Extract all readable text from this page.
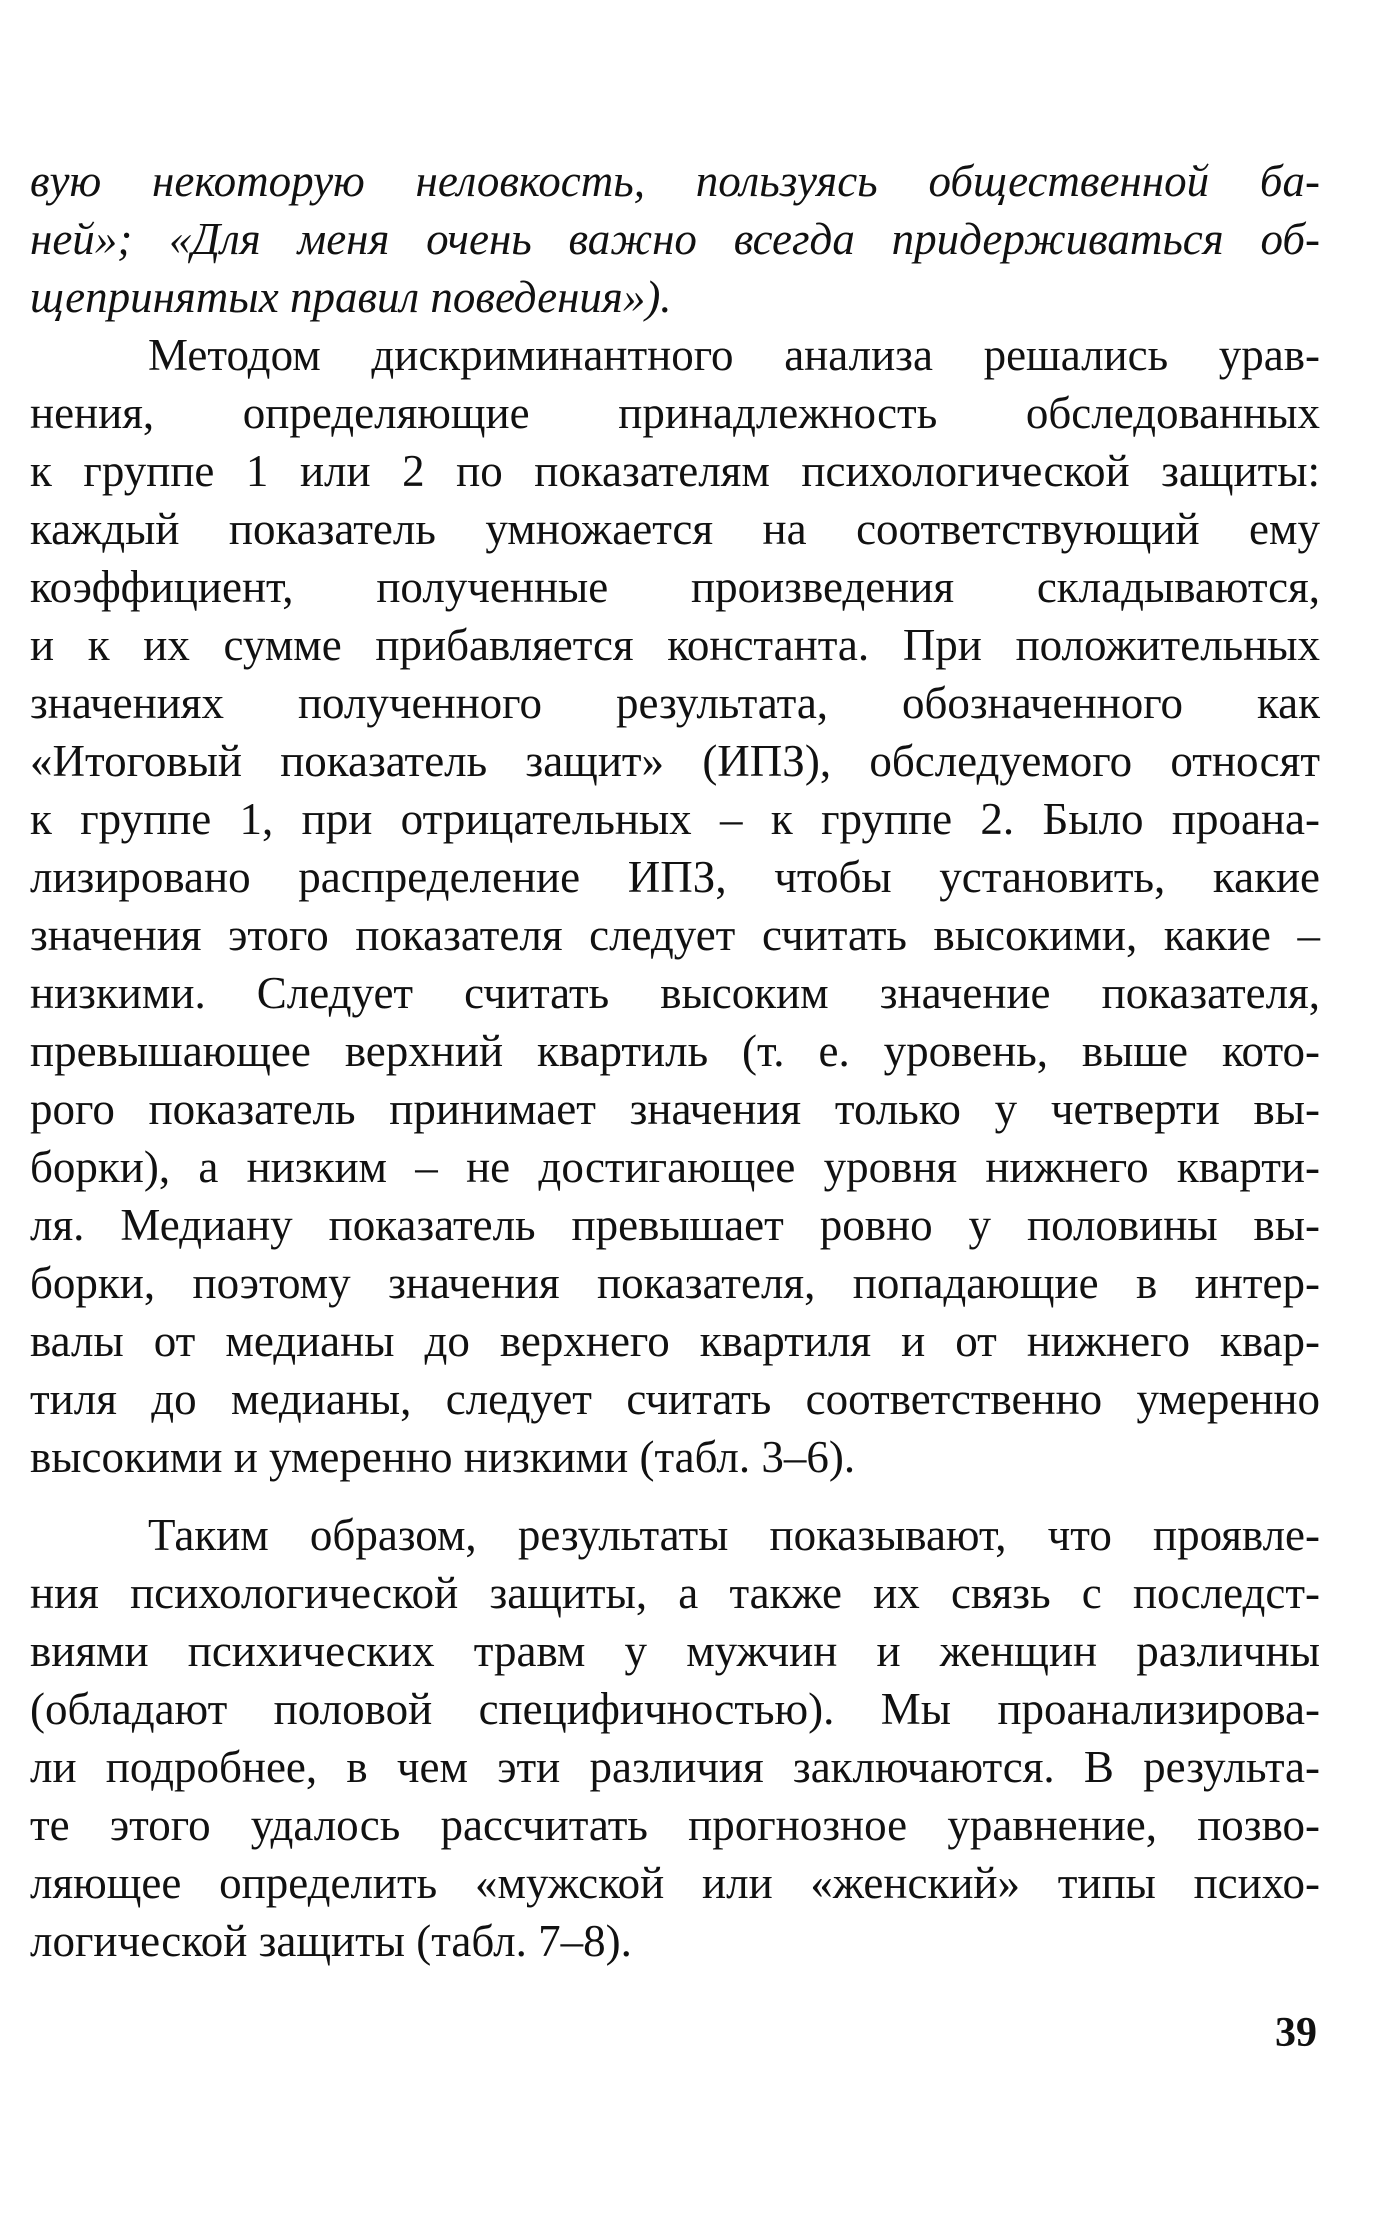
вую некоторую неловкость, пользуясь общественной ба-
ней»; «Для меня очень важно всегда придерживаться об-
щепринятых правил поведения»).
Методом дискриминантного анализа решались урав-
нения, определяющие принадлежность обследованных
к группе 1 или 2 по показателям психологической защиты:
каждый показатель умножается на соответствующий ему
коэффициент, полученные произведения складываются,
и к их сумме прибавляется константа. При положительных
значениях полученного результата, обозначенного как
«Итоговый показатель защит» (ИПЗ), обследуемого относят
к группе 1, при отрицательных – к группе 2. Было проана-
лизировано распределение ИПЗ, чтобы установить, какие
значения этого показателя следует считать высокими, какие –
низкими. Следует считать высоким значение показателя,
превышающее верхний квартиль (т. е. уровень, выше кото-
рого показатель принимает значения только у четверти вы-
борки), а низким – не достигающее уровня нижнего кварти-
ля. Медиану показатель превышает ровно у половины вы-
борки, поэтому значения показателя, попадающие в интер-
валы от медианы до верхнего квартиля и от нижнего квар-
тиля до медианы, следует считать соответственно умеренно
высокими и умеренно низкими (табл. 3–6).
Таким образом, результаты показывают, что проявле-
ния психологической защиты, а также их связь с последст-
виями психических травм у мужчин и женщин различны
(обладают половой специфичностью). Мы проанализирова-
ли подробнее, в чем эти различия заключаются. В результа-
те этого удалось рассчитать прогнозное уравнение, позво-
ляющее определить «мужской или «женский» типы психо-
логической защиты (табл. 7–8).
39
